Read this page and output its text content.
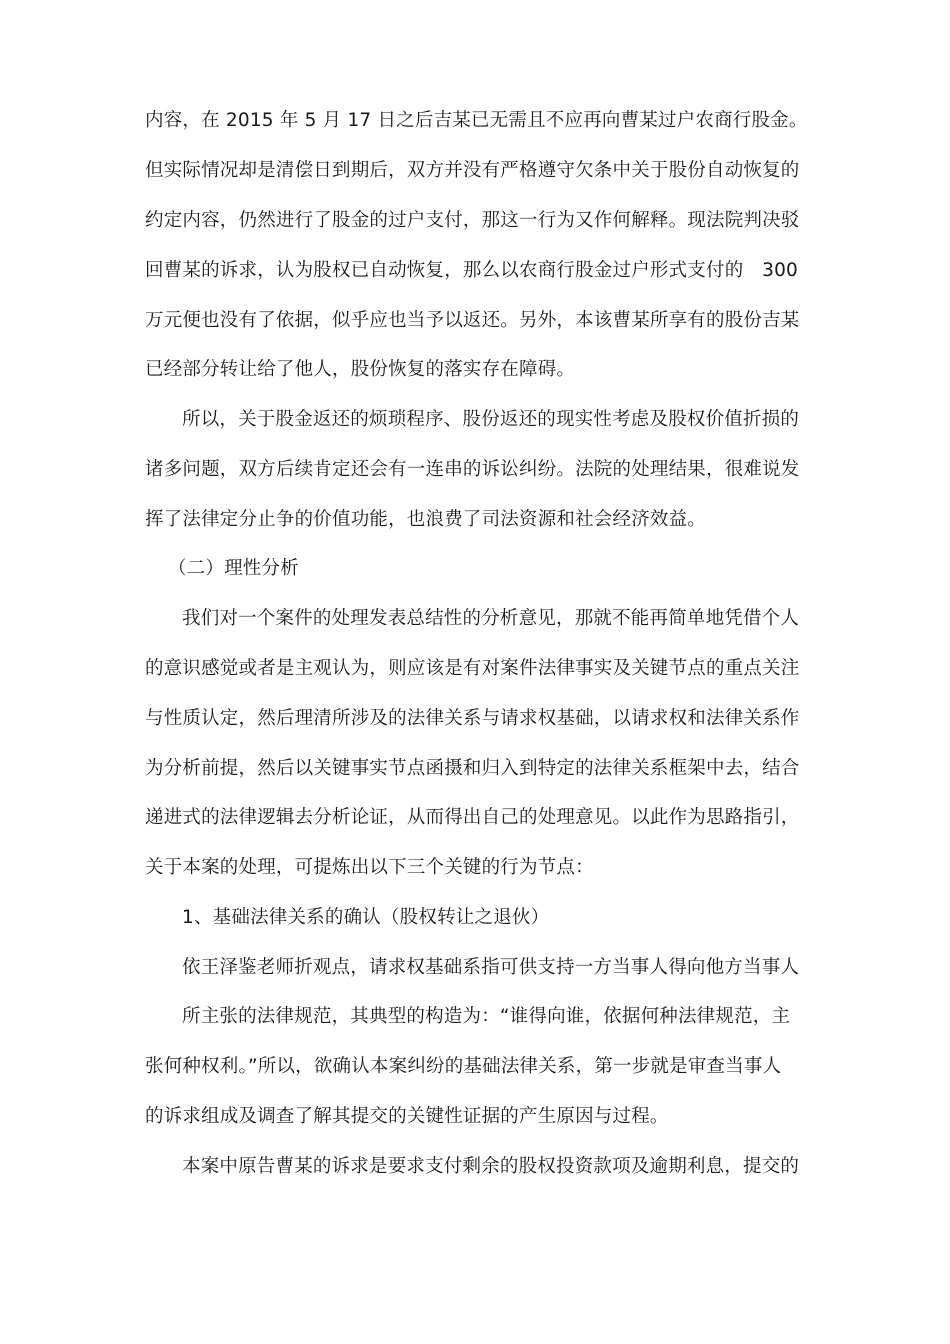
内容，在 2015 年 5 月 17 日之后吉某已无需且不应再向曹某过户农商行股金。
但实际情况却是清偿日到期后，双方并没有严格遵守欠条中关于股份自动恢复的
约定内容，仍然进行了股金的过户支付，那这一行为又作何解释。现法院判决驳
回曹某的诉求，认为股权已自动恢复，那么以农商行股金过户形式支付的　300
万元便也没有了依据，似乎应也当予以返还。另外，本该曹某所享有的股份吉某
已经部分转让给了他人，股份恢复的落实存在障碍。
所以，关于股金返还的烦琐程序、股份返还的现实性考虑及股权价值折损的
诸多问题，双方后续肯定还会有一连串的诉讼纠纷。法院的处理结果，很难说发
挥了法律定分止争的价值功能，也浪费了司法资源和社会经济效益。
（二）理性分析
我们对一个案件的处理发表总结性的分析意见，那就不能再简单地凭借个人
的意识感觉或者是主观认为，则应该是有对案件法律事实及关键节点的重点关注
与性质认定，然后理清所涉及的法律关系与请求权基础，以请求权和法律关系作
为分析前提，然后以关键事实节点函摄和归入到特定的法律关系框架中去，结合
递进式的法律逻辑去分析论证，从而得出自己的处理意见。以此作为思路指引，
关于本案的处理，可提炼出以下三个关键的行为节点：
1、基础法律关系的确认（股权转让之退伙）
依王泽鉴老师折观点，请求权基础系指可供支持一方当事人得向他方当事人
所主张的法律规范，其典型的构造为：“谁得向谁，依据何种法律规范，主
张何种权利。”所以，欲确认本案纠纷的基础法律关系，第一步就是审查当事人
的诉求组成及调查了解其提交的关键性证据的产生原因与过程。
本案中原告曹某的诉求是要求支付剩余的股权投资款项及逾期利息，提交的
